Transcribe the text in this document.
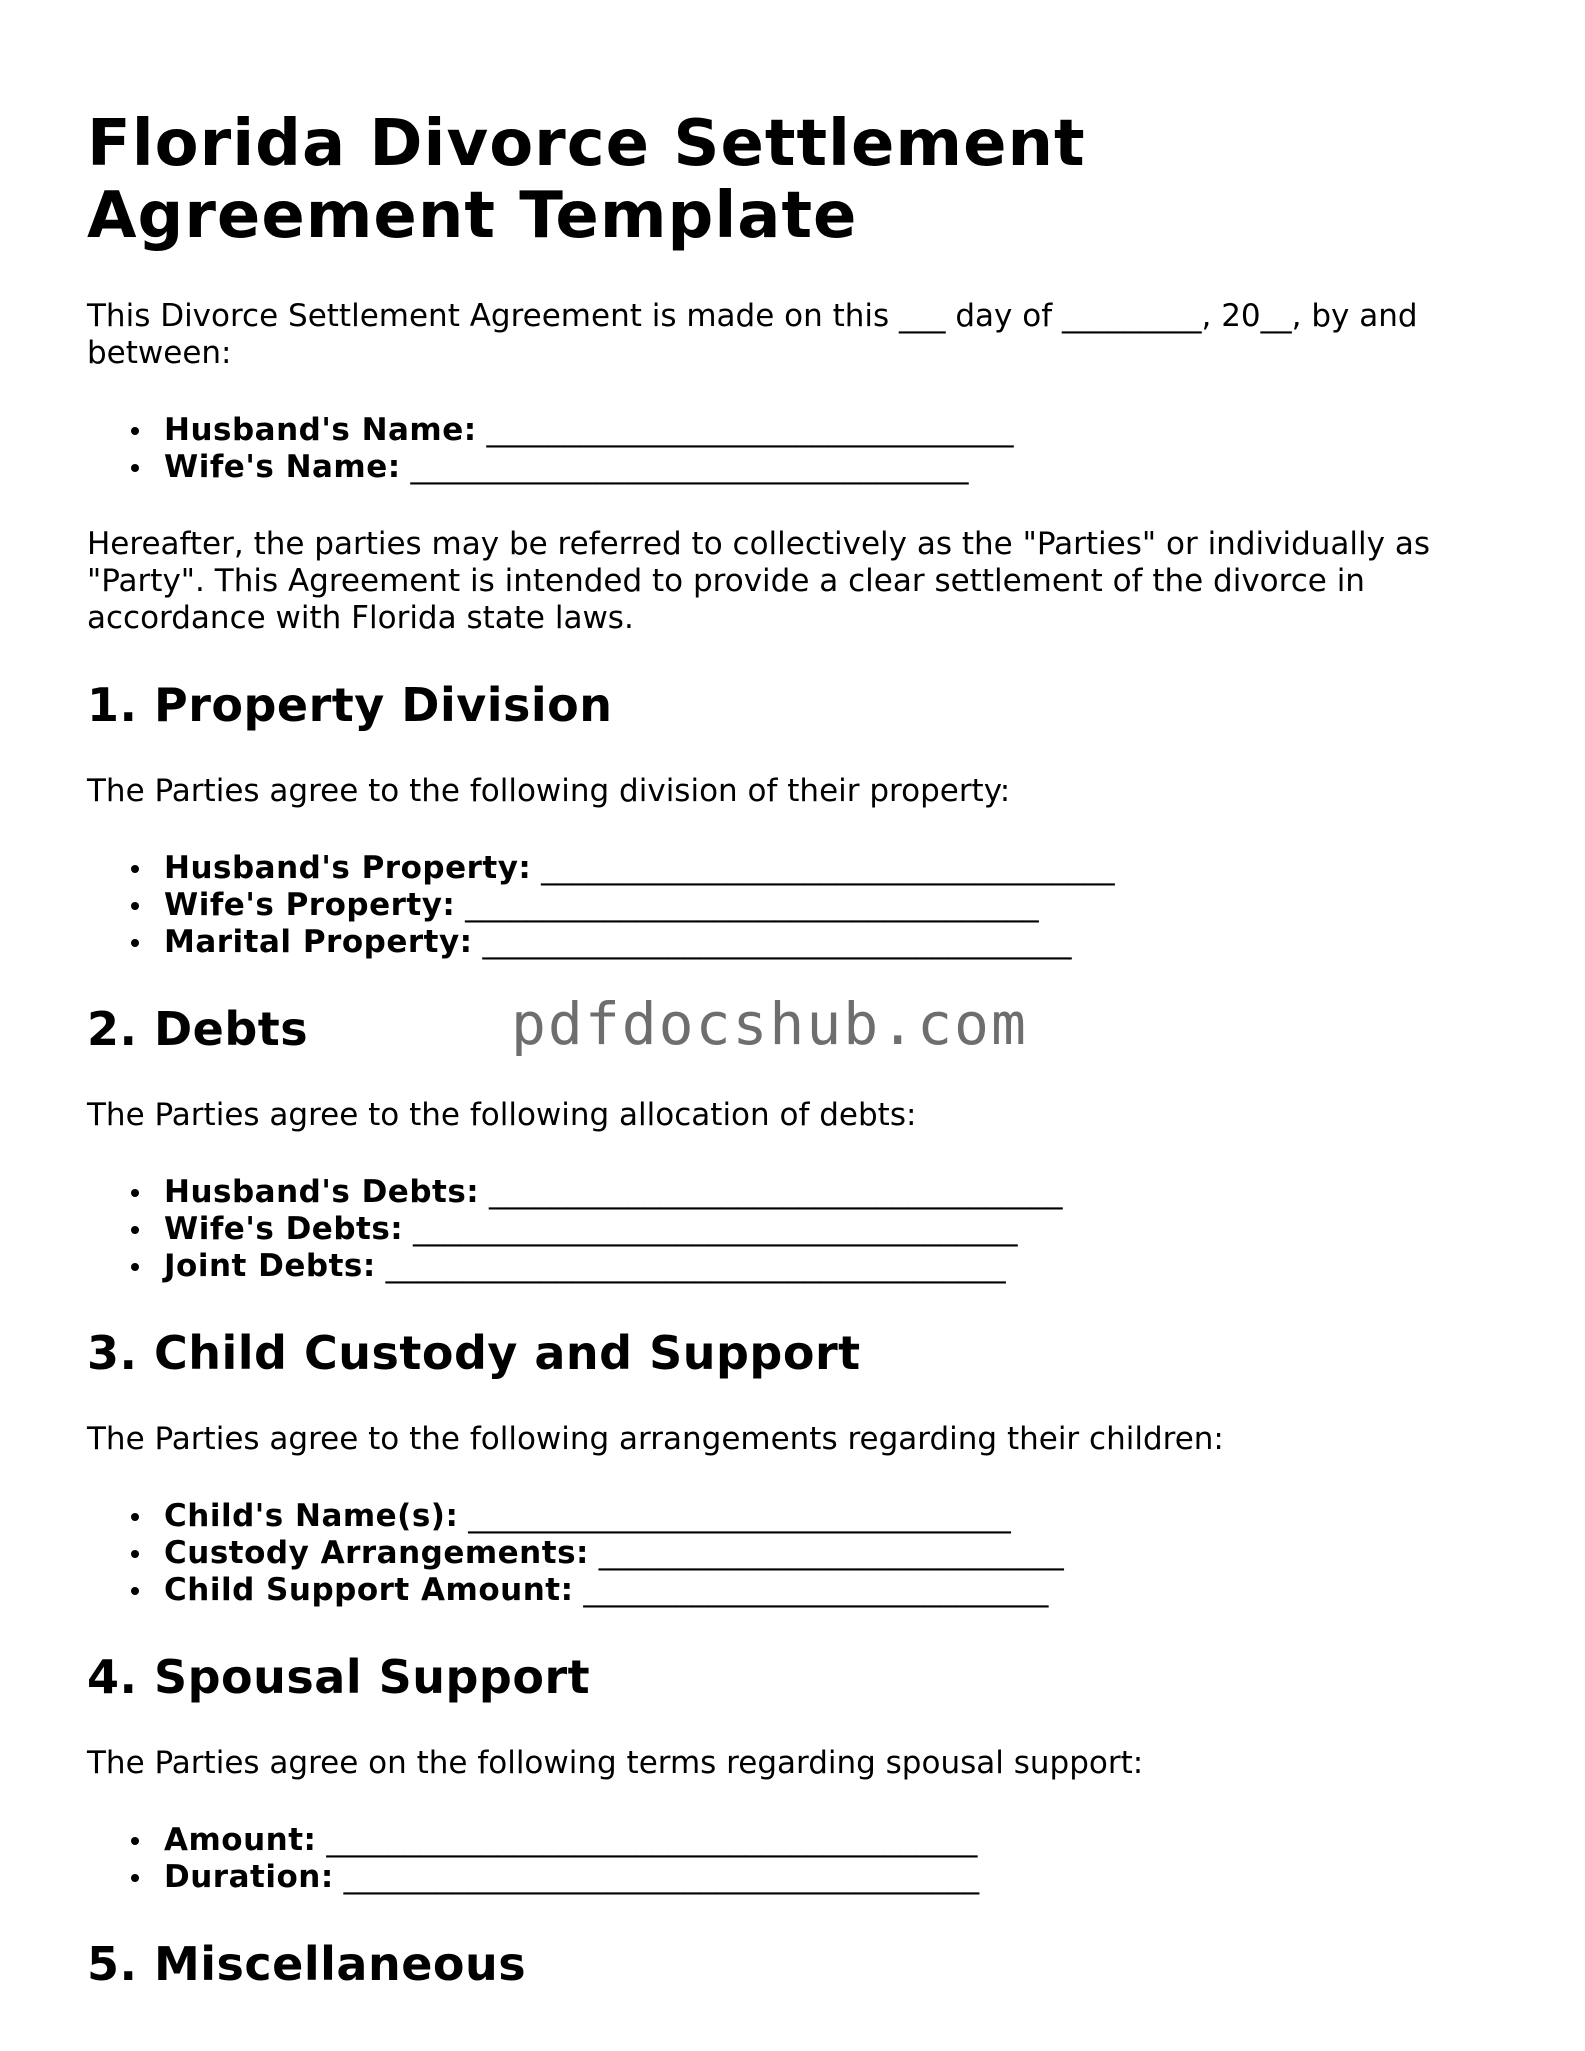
Florida Divorce Settlement Agreement Template

This Divorce Settlement Agreement is made on this ___ day of _________, 20__, by and between:

Husband's Name: __________________________________
Wife's Name: ____________________________________

Hereafter, the parties may be referred to collectively as the "Parties" or individually as "Party". This Agreement is intended to provide a clear settlement of the divorce in accordance with Florida state laws.

1. Property Division

The Parties agree to the following division of their property:

Husband's Property: _____________________________________
Wife's Property: _____________________________________
Marital Property: ______________________________________
2. Debts

The Parties agree to the following allocation of debts:

Husband's Debts: _____________________________________
Wife's Debts: _______________________________________
Joint Debts: ________________________________________
3. Child Custody and Support

The Parties agree to the following arrangements regarding their children:

Child's Name(s): ___________________________________
Custody Arrangements: ______________________________
Child Support Amount: ______________________________
4. Spousal Support

The Parties agree on the following terms regarding spousal support:

Amount: __________________________________________
Duration: _________________________________________
5. Miscellaneous
pdfdocshub.com
